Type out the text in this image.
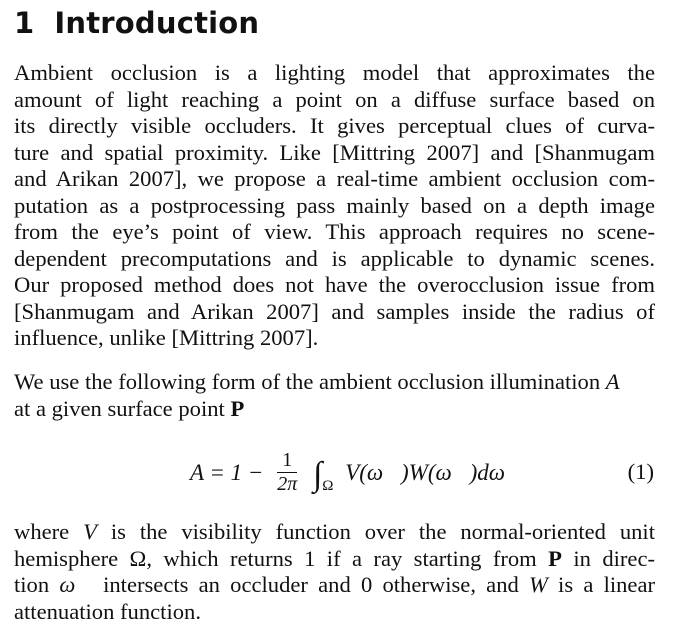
1 Introduction
Ambient occlusion is a lighting model that approximates the
amount of light reaching a point on a diffuse surface based on
its directly visible occluders. It gives perceptual clues of curva-
ture and spatial proximity. Like [Mittring 2007] and [Shanmugam
and Arikan 2007], we propose a real-time ambient occlusion com-
putation as a postprocessing pass mainly based on a depth image
from the eye’s point of view. This approach requires no scene-
dependent precomputations and is applicable to dynamic scenes.
Our proposed method does not have the overocclusion issue from
[Shanmugam and Arikan 2007] and samples inside the radius of
influence, unlike [Mittring 2007].
We use the following form of the ambient occlusion illumination A
at a given surface point P
$A = 1 - \frac{1}{2\pi} \int\Omega$ V(ω⃗)W(ω⃗)dω	(1)
where V is the visibility function over the normal-oriented unit
hemisphere Ω, which returns 1 if a ray starting from P in direc-
tion ω⃗ intersects an occluder and 0 otherwise, and W is a linear
attenuation function.
